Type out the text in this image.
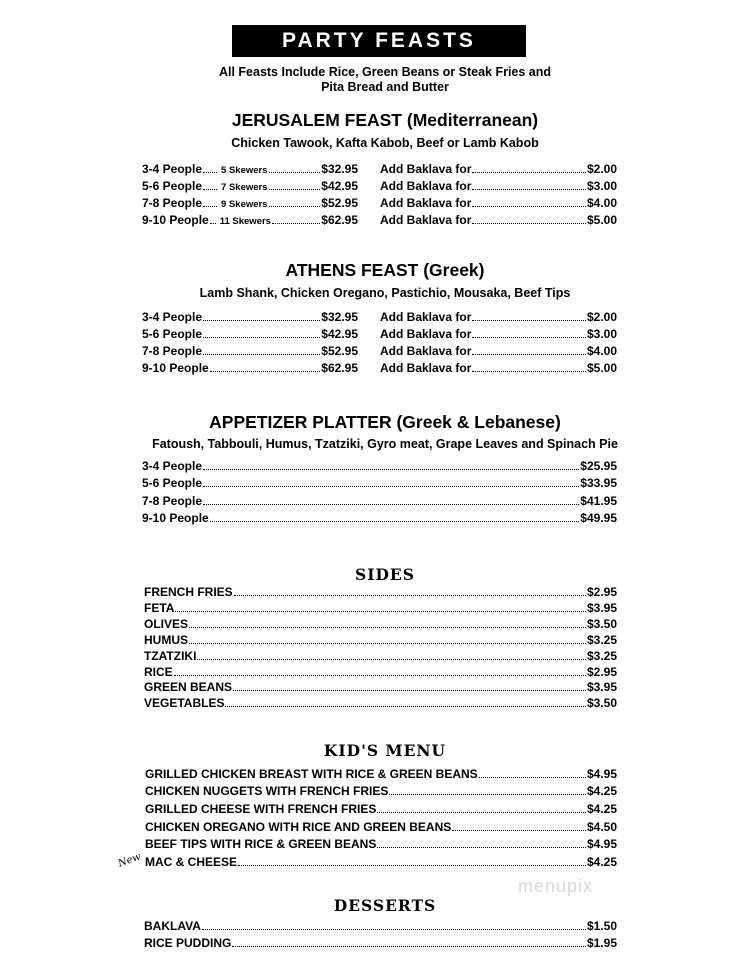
PARTY FEASTS
All Feasts Include Rice, Green Beans or Steak Fries and
Pita Bread and Butter
JERUSALEM FEAST (Mediterranean)
Chicken Tawook, Kafta Kabob, Beef or Lamb Kabob
3-4 People 5 Skewers	$32.95
5-6 People 7 Skewers	$42.95
7-8 People 9 Skewers	$52.95
9-10 People 11 Skewers	$62.95
Add Baklava for	$2.00
Add Baklava for	$3.00
Add Baklava for	$4.00
Add Baklava for	$5.00
ATHENS FEAST (Greek)
Lamb Shank, Chicken Oregano, Pastichio, Mousaka, Beef Tips
3-4 People	$32.95
5-6 People	$42.95
7-8 People	$52.95
9-10 People	$62.95
Add Baklava for	$2.00
Add Baklava for	$3.00
Add Baklava for	$4.00
Add Baklava for	$5.00
APPETIZER PLATTER (Greek & Lebanese)
Fatoush, Tabbouli, Humus, Tzatziki, Gyro meat, Grape Leaves and Spinach Pie
3-4 People	$25.95
5-6 People	$33.95
7-8 People	$41.95
9-10 People	$49.95
SIDES
FRENCH FRIES	$2.95
FETA	$3.95
OLIVES	$3.50
HUMUS	$3.25
TZATZIKI	$3.25
RICE	$2.95
GREEN BEANS	$3.95
VEGETABLES	$3.50
KID'S MENU
GRILLED CHICKEN BREAST WITH RICE & GREEN BEANS	$4.95
CHICKEN NUGGETS WITH FRENCH FRIES	$4.25
GRILLED CHEESE WITH FRENCH FRIES	$4.25
CHICKEN OREGANO WITH RICE AND GREEN BEANS	$4.50
BEEF TIPS WITH RICE & GREEN BEANS	$4.95
MAC & CHEESE	$4.25
New
menupix
DESSERTS
BAKLAVA	$1.50
RICE PUDDING	$1.95
